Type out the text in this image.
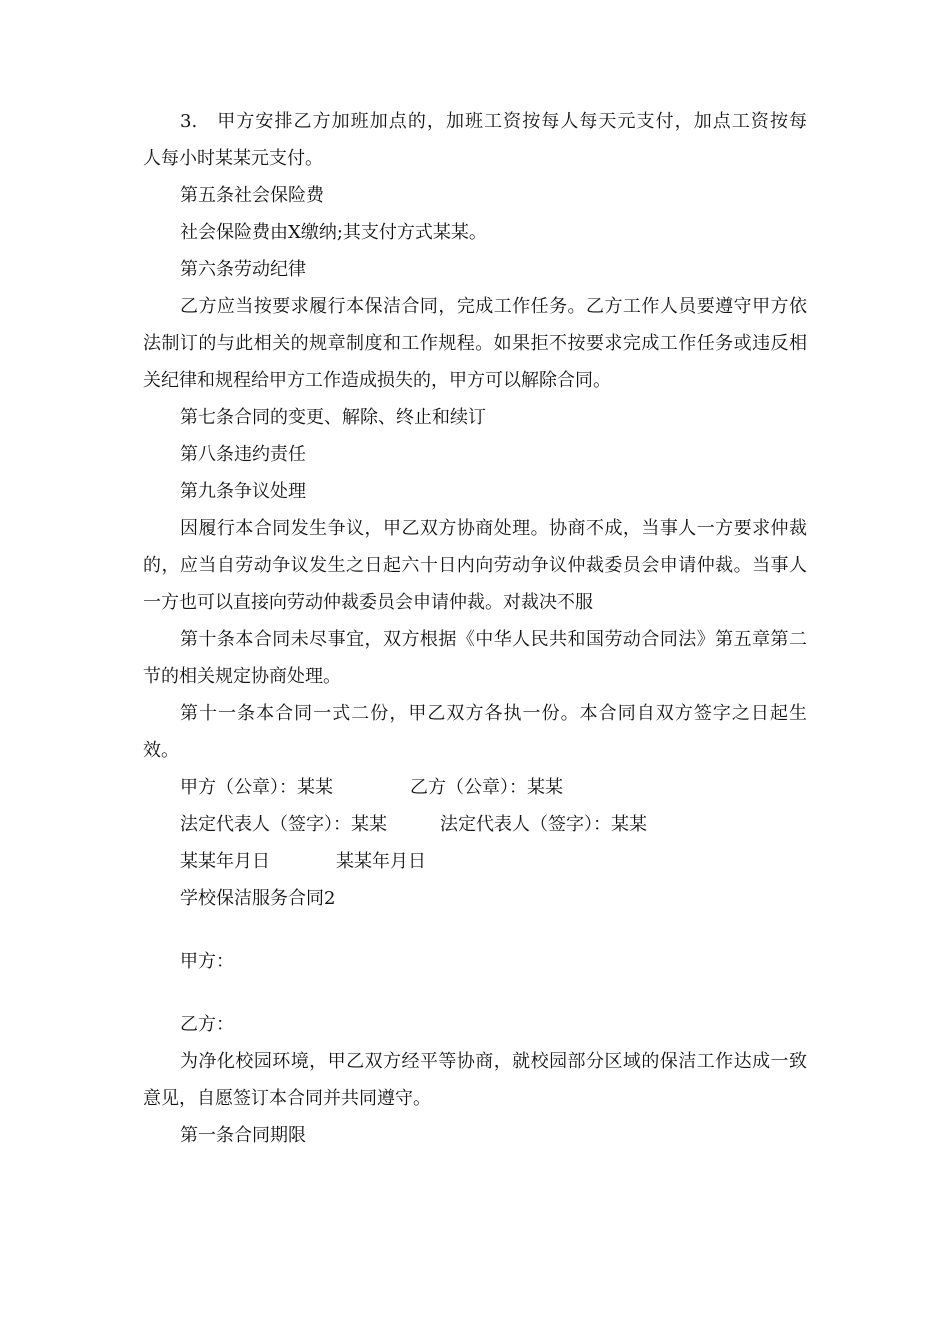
3.　甲方安排乙方加班加点的，加班工资按每人每天元支付，加点工资按每　人每小时某某元支付。

第五条社会保险费

社会保险费由X缴纳;其支付方式某某。

第六条劳动纪律

乙方应当按要求履行本保洁合同，完成工作任务。乙方工作人员要遵守甲方依法制订的与此相关的规章制度和工作规程。如果拒不按要求完成工作任务或违反相关纪律和规程给甲方工作造成损失的，甲方可以解除合同。

第七条合同的变更、解除、终止和续订

第八条违约责任

第九条争议处理

因履行本合同发生争议，甲乙双方协商处理。协商不成，当事人一方要求仲裁的，应当自劳动争议发生之日起六十日内向劳动争议仲裁委员会申请仲裁。当事人一方也可以直接向劳动仲裁委员会申请仲裁。对裁决不服

第十条本合同未尽事宜，双方根据《中华人民共和国劳动合同法》第五章第二节的相关规定协商处理。

第十一条本合同一式二份，甲乙双方各执一份。本合同自双方签字之日起生效。

甲方（公章）：某某	乙方（公章）：某某
法定代表人（签字）：某某	法定代表人（签字）：某某
某某年月日	某某年月日

学校保洁服务合同2

甲方：

乙方：

为净化校园环境，甲乙双方经平等协商，就校园部分区域的保洁工作达成一致意见，自愿签订本合同并共同遵守。

第一条合同期限
